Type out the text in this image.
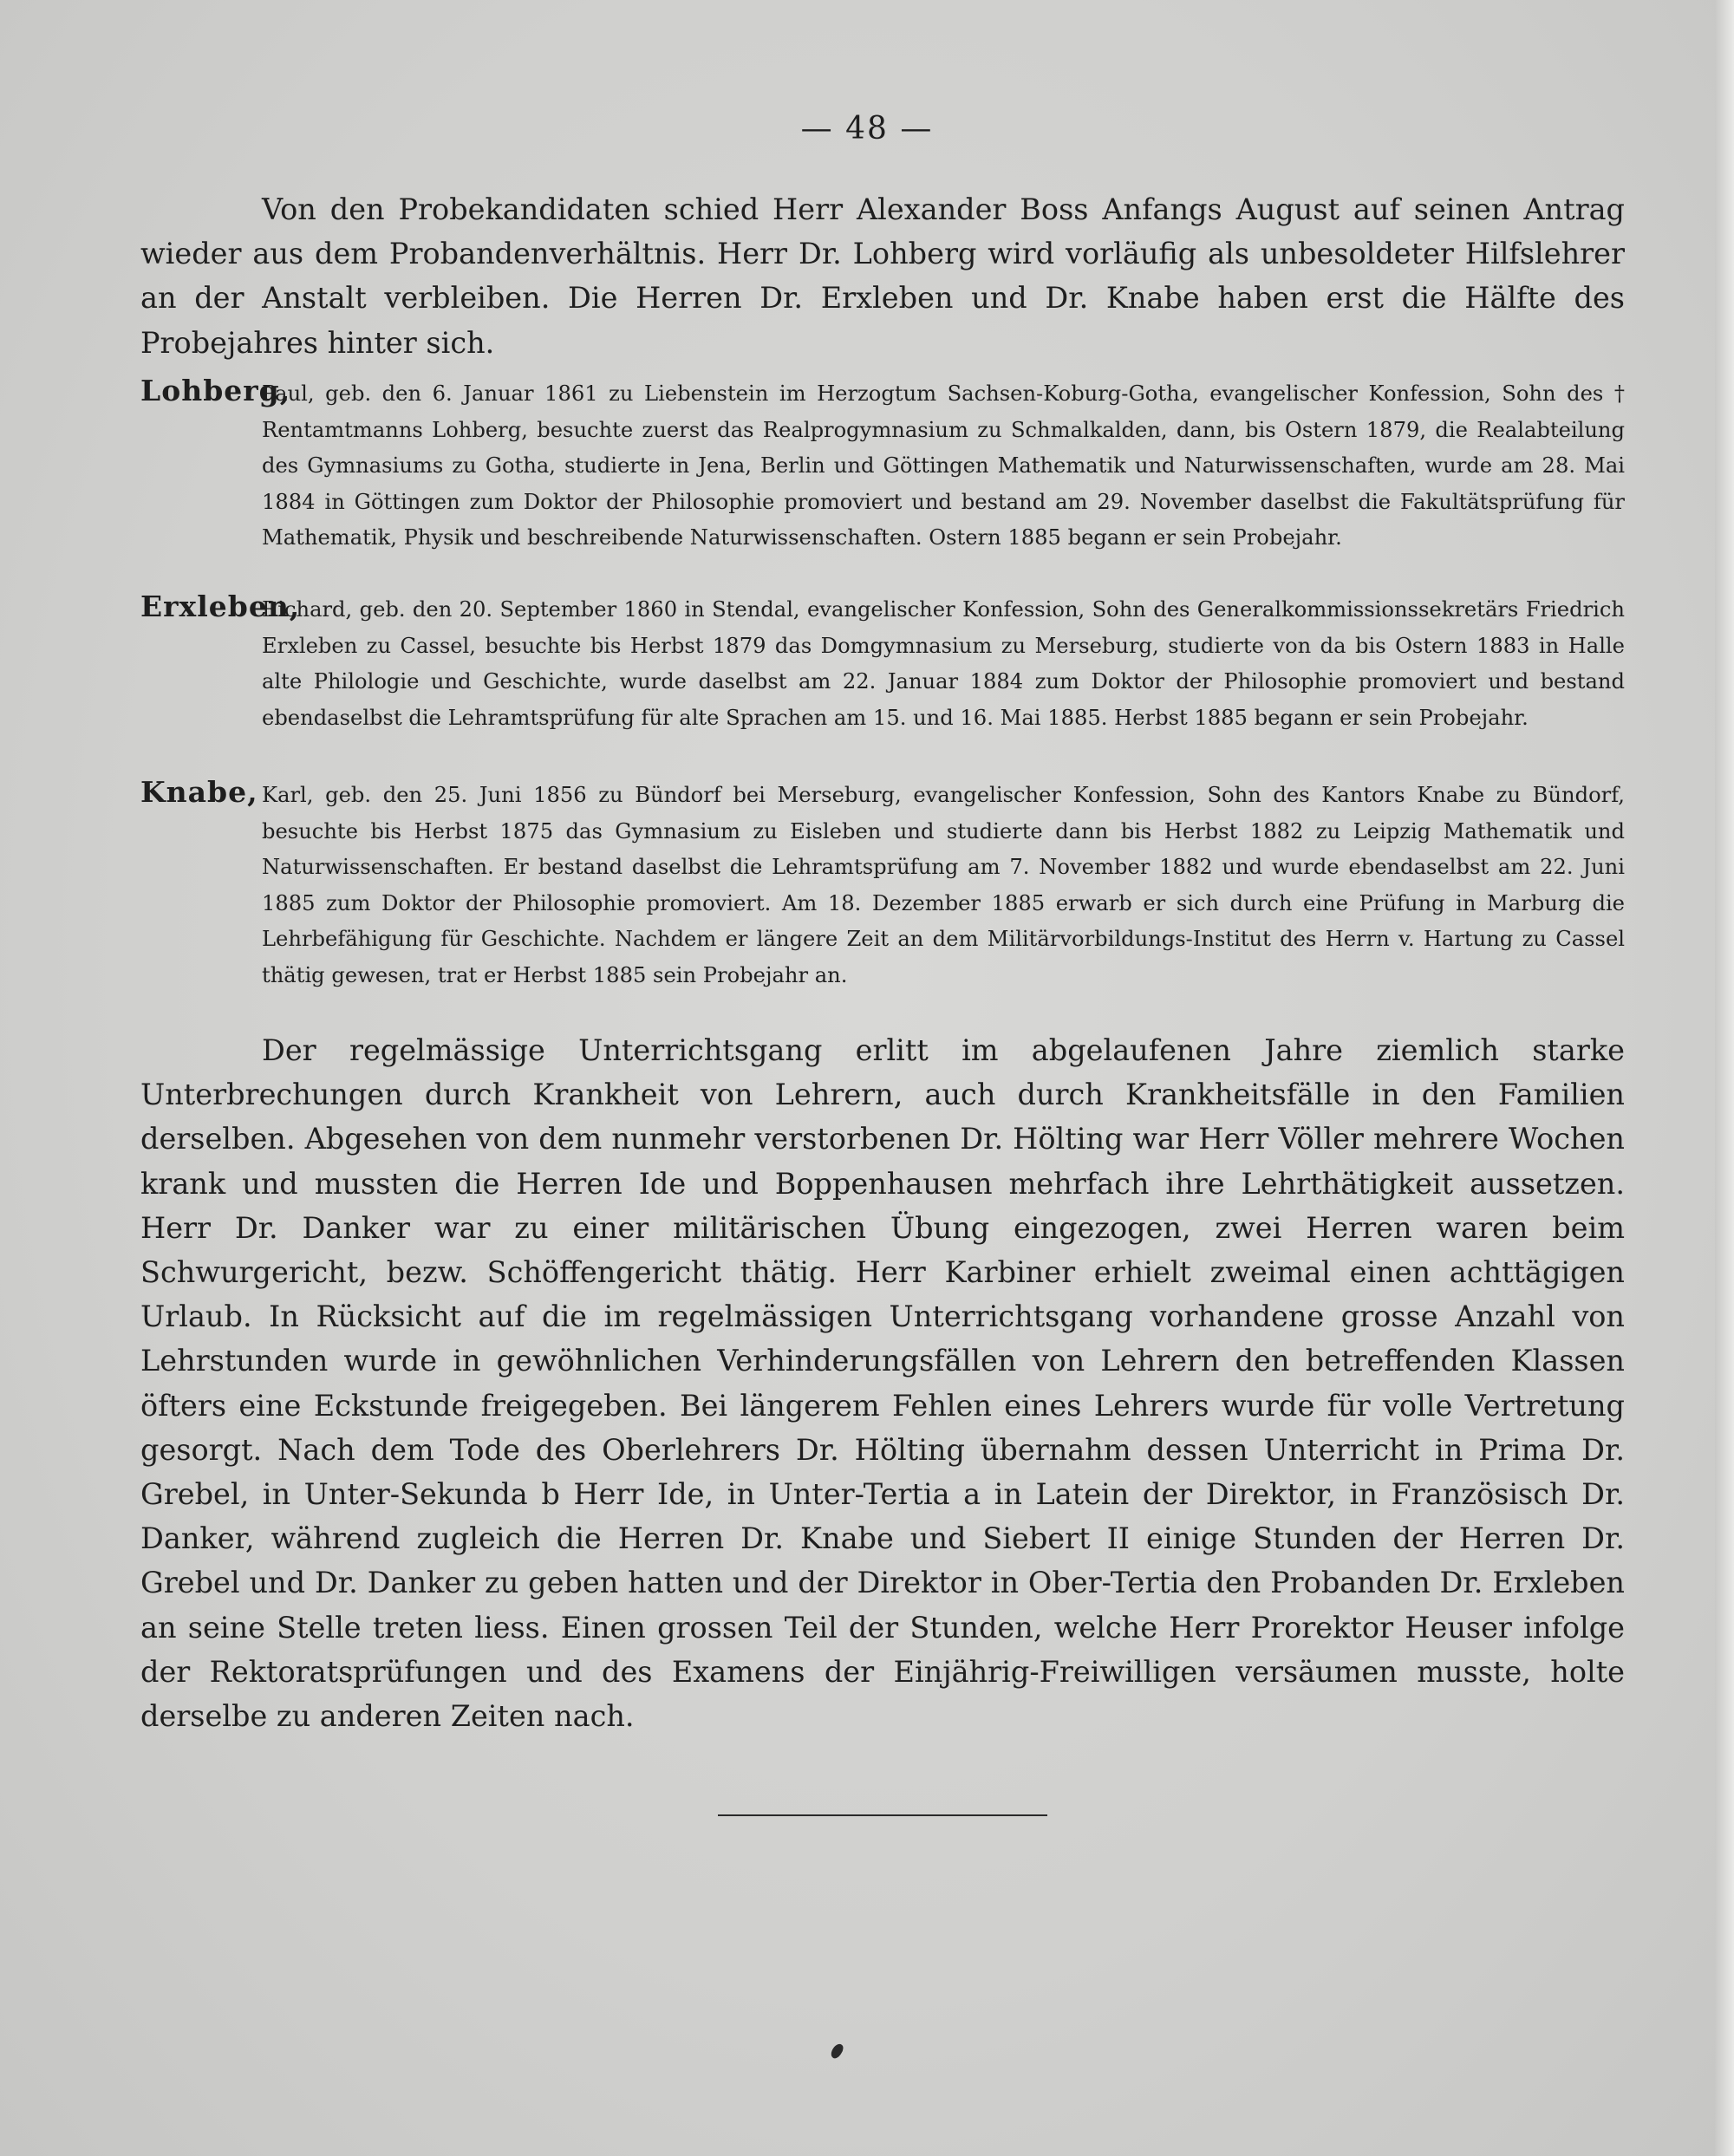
— 48 —

Von den Probekandidaten schied Herr Alexander Boss Anfangs August auf seinen Antrag wieder aus dem Probandenverhältnis. Herr Dr. Lohberg wird vorläufig als unbesoldeter Hilfslehrer an der Anstalt verbleiben. Die Herren Dr. Erxleben und Dr. Knabe haben erst die Hälfte des Probejahres hinter sich.

Lohberg,
Paul, geb. den 6. Januar 1861 zu Liebenstein im Herzogtum Sachsen-Koburg-Gotha, evangelischer Konfession, Sohn des † Rentamtmanns Lohberg, besuchte zuerst das Realprogymnasium zu Schmalkalden, dann, bis Ostern 1879, die Realabteilung des Gymnasiums zu Gotha, studierte in Jena, Berlin und Göttingen Mathematik und Naturwissenschaften, wurde am 28. Mai 1884 in Göttingen zum Doktor der Philosophie promoviert und bestand am 29. November daselbst die Fakultätsprüfung für Mathematik, Physik und beschreibende Naturwissenschaften. Ostern 1885 begann er sein Probejahr.

Erxleben,
Richard, geb. den 20. September 1860 in Stendal, evangelischer Konfession, Sohn des Generalkommissionssekretärs Friedrich Erxleben zu Cassel, besuchte bis Herbst 1879 das Domgymnasium zu Merseburg, studierte von da bis Ostern 1883 in Halle alte Philologie und Geschichte, wurde daselbst am 22. Januar 1884 zum Doktor der Philosophie promoviert und bestand ebendaselbst die Lehramtsprüfung für alte Sprachen am 15. und 16. Mai 1885. Herbst 1885 begann er sein Probejahr.

Knabe, Karl, geb. den 25. Juni 1856 zu Bündorf bei Merseburg, evangelischer Konfession, Sohn des Kantors Knabe zu Bündorf, besuchte bis Herbst 1875 das Gymnasium zu Eisleben und studierte dann bis Herbst 1882 zu Leipzig Mathematik und Naturwissenschaften. Er bestand daselbst die Lehramtsprüfung am 7. November 1882 und wurde ebendaselbst am 22. Juni 1885 zum Doktor der Philosophie promoviert. Am 18. Dezember 1885 erwarb er sich durch eine Prüfung in Marburg die Lehrbefähigung für Geschichte. Nachdem er längere Zeit an dem Militärvorbildungs-Institut des Herrn v. Hartung zu Cassel thätig gewesen, trat er Herbst 1885 sein Probejahr an.

Der regelmässige Unterrichtsgang erlitt im abgelaufenen Jahre ziemlich starke Unterbrechungen durch Krankheit von Lehrern, auch durch Krankheitsfälle in den Familien derselben. Abgesehen von dem nunmehr verstorbenen Dr. Hölting war Herr Völler mehrere Wochen krank und mussten die Herren Ide und Boppenhausen mehrfach ihre Lehrthätigkeit aussetzen. Herr Dr. Danker war zu einer militärischen Übung eingezogen, zwei Herren waren beim Schwurgericht, bezw. Schöffengericht thätig. Herr Karbiner erhielt zweimal einen achttägigen Urlaub. In Rücksicht auf die im regelmässigen Unterrichtsgang vorhandene grosse Anzahl von Lehrstunden wurde in gewöhnlichen Verhinderungsfällen von Lehrern den betreffenden Klassen öfters eine Eckstunde freigegeben. Bei längerem Fehlen eines Lehrers wurde für volle Vertretung gesorgt. Nach dem Tode des Oberlehrers Dr. Hölting übernahm dessen Unterricht in Prima Dr. Grebel, in Unter-Sekunda b Herr Ide, in Unter-Tertia a in Latein der Direktor, in Französisch Dr. Danker, während zugleich die Herren Dr. Knabe und Siebert II einige Stunden der Herren Dr. Grebel und Dr. Danker zu geben hatten und der Direktor in Ober-Tertia den Probanden Dr. Erxleben an seine Stelle treten liess. Einen grossen Teil der Stunden, welche Herr Prorektor Heuser infolge der Rektoratsprüfungen und des Examens der Einjährig-Freiwilligen versäumen musste, holte derselbe zu anderen Zeiten nach.
